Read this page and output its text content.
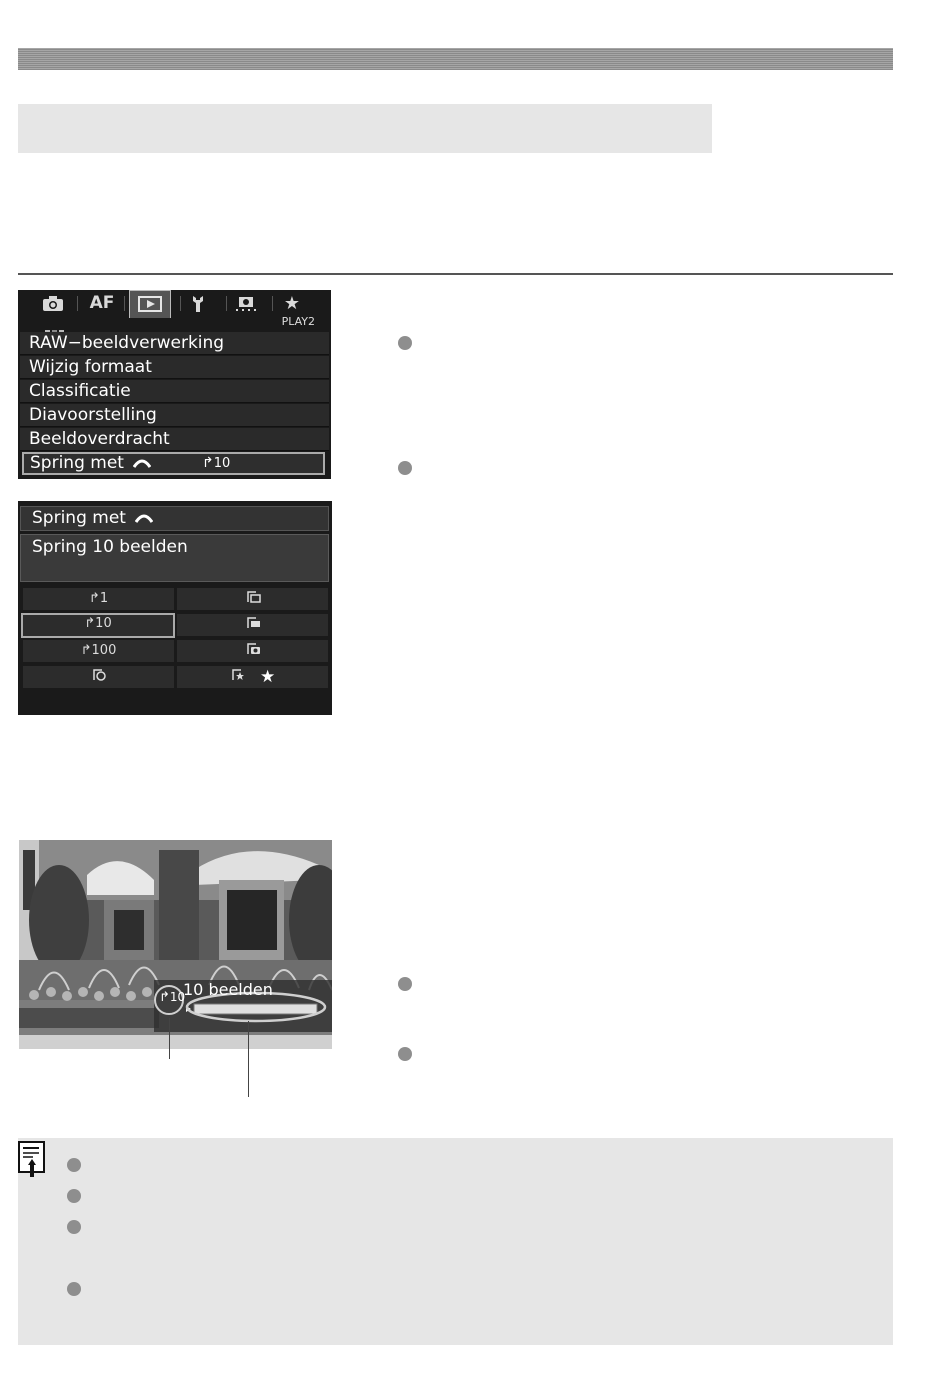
AF	★
PLAY2
RAW−beeldverwerking
Wijzig formaat
Classificatie
Diavoorstelling
Beeldoverdracht
Spring met	↱10
Spring met
Spring 10 beelden
↱1
↱10
↱100
★
↱10
10 beelden
